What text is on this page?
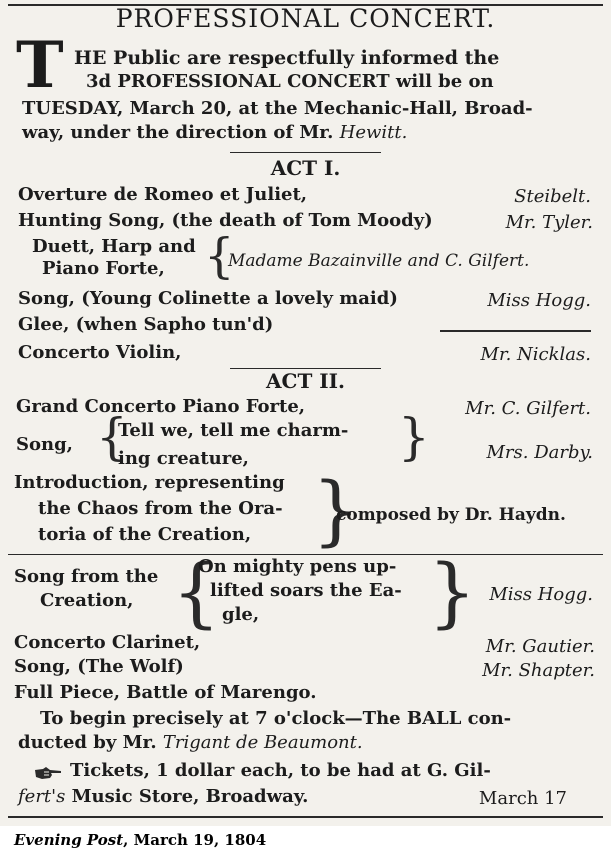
PROFESSIONAL CONCERT.
T HE Public are respectfully informed the
3d PROFESSIONAL CONCERT will be on
TUESDAY, March 20, at the Mechanic-Hall, Broad-
way, under the direction of Mr. Hewitt.
ACT I.
Overture de Romeo et Juliet,	Steibelt.
Hunting Song, (the death of Tom Moody)	Mr. Tyler.
Duett, Harp and
Piano Forte, {
Madame Bazainville and C. Gilfert.
Song, (Young Colinette a lovely maid)	Miss Hogg.
Glee, (when Sapho tun'd)
Concerto Violin,	Mr. Nicklas.
ACT II.
Grand Concerto Piano Forte,	Mr. C. Gilfert.
Song, {
Tell we, tell me charm-
ing creature,	}	Mrs. Darby.
Introduction, representing
the Chaos from the Ora-
toria of the Creation, }
composed by Dr. Haydn.
Song from the
Creation, {
On mighty pens up-
lifted soars the Ea-
gle, } Miss Hogg.
Concerto Clarinet,	Mr. Gautier.
Song, (The Wolf)	Mr. Shapter.
Full Piece, Battle of Marengo.
To begin precisely at 7 o'clock—The BALL con-
ducted by Mr. Trigant de Beaumont.
Tickets, 1 dollar each, to be had at G. Gil-
fert's Music Store, Broadway.	March 17
Evening Post, March 19, 1804
